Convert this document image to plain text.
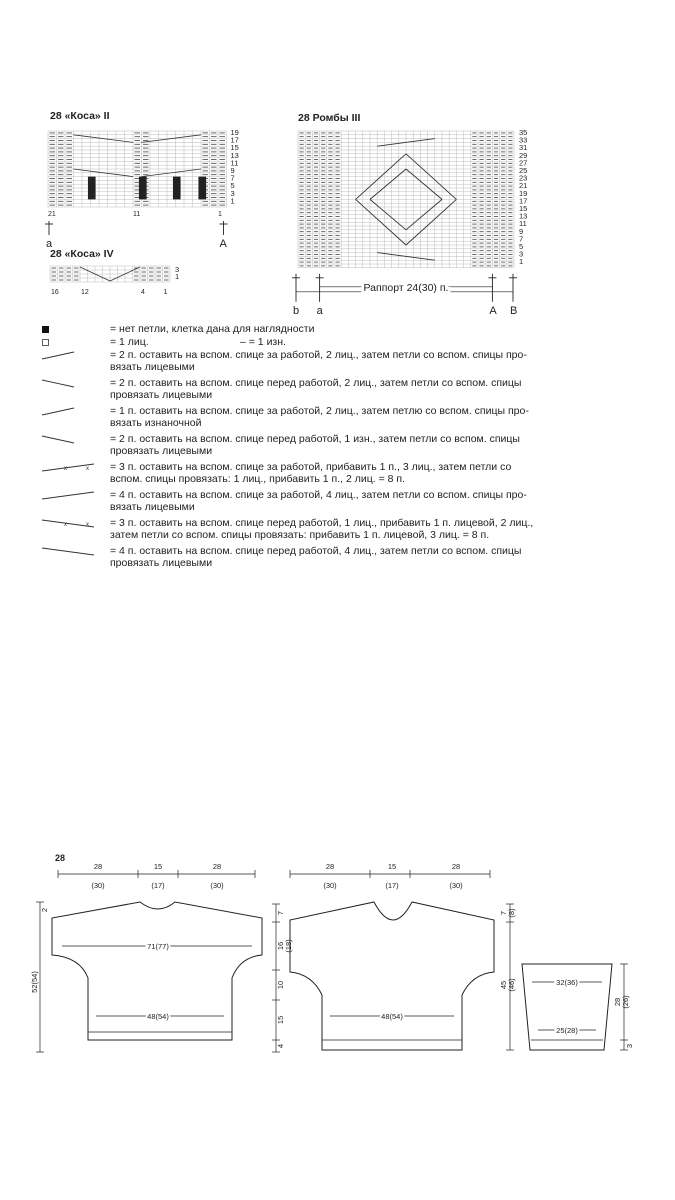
28 «Коса» II
19
17
15
13
11
9
7
5
3
1
21	11	1
a	A
28 «Коса» IV
3
1
16	12	4	1
28 Ромбы III
35
33
31
29
27
25
23
21
19
17
15
13
11
9
7
5
3
1
b a	A B
Раппорт 24(30) п.
= нет петли, клетка дана для наглядности
= 1 лиц.	– = 1 изн.
= 2 п. оставить на вспом. спице за работой, 2 лиц., затем петли со вспом. спицы про-
вязать лицевыми
= 2 п. оставить на вспом. спице перед работой, 2 лиц., затем петли со вспом. спицы
провязать лицевыми
= 1 п. оставить на вспом. спице за работой, 2 лиц., затем петлю со вспом. спицы про-
вязать изнаночной
= 2 п. оставить на вспом. спице перед работой, 1 изн., затем петли со вспом. спицы
провязать лицевыми
x	x = 3 п. оставить на вспом. спице за работой, прибавить 1 п., 3 лиц., затем петли со
вспом. спицы провязать: 1 лиц., прибавить 1 п., 2 лиц. = 8 п.
= 4 п. оставить на вспом. спице за работой, 4 лиц., затем петли со вспом. спицы про-
вязать лицевыми
x	x = 3 п. оставить на вспом. спице перед работой, 1 лиц., прибавить 1 п. лицевой, 2 лиц.,
затем петли со вспом. спицы провязать: прибавить 1 п. лицевой, 3 лиц. = 8 п.
= 4 п. оставить на вспом. спице перед работой, 4 лиц., затем петли со вспом. спицы
провязать лицевыми
28
28
(30)
15
(17)
28
(30)
71(77)
48(54)
52(54)
2
28
(30)
15
(17)
28
(30)
48(54)
7
16 (18)
10
15
4
7 (8)
45 (46)	32(36)
25(28)
28 (26)
3
